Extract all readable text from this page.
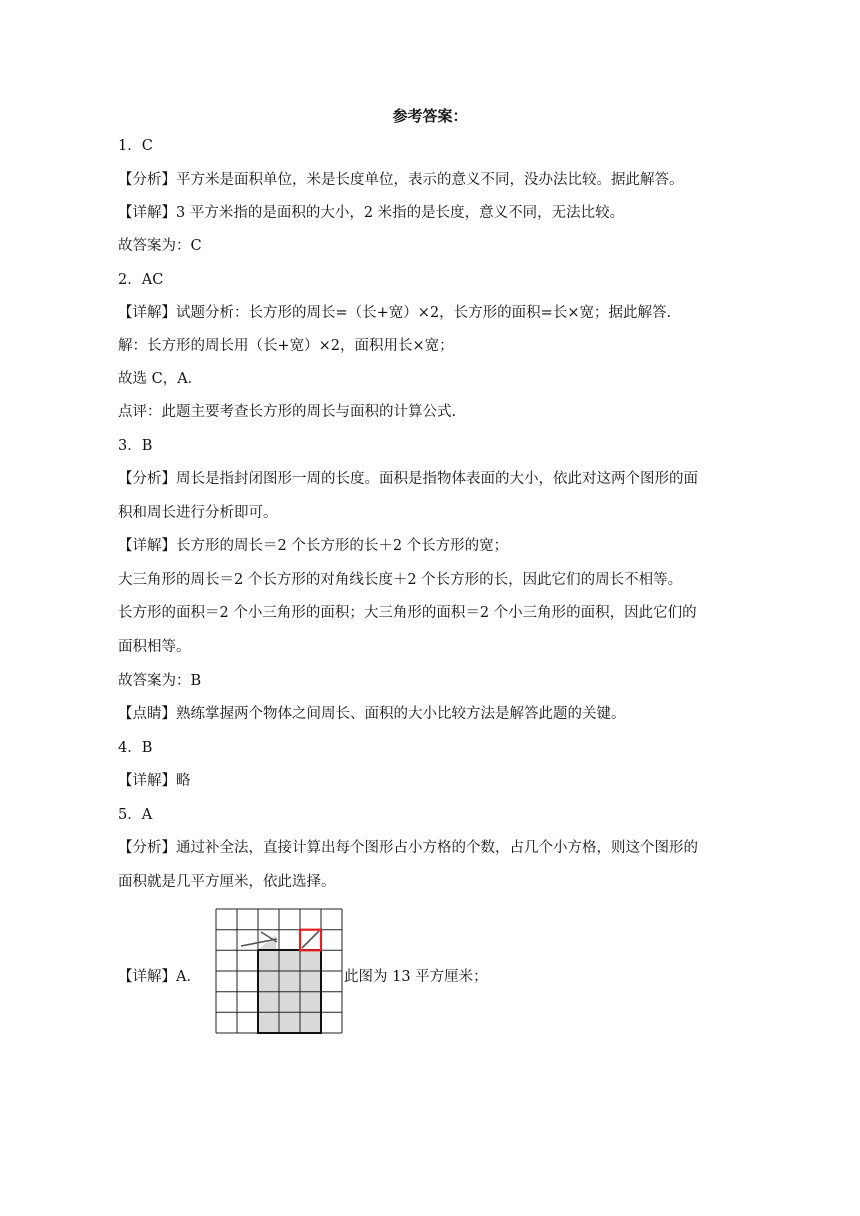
参考答案：
1．C
【分析】平方米是面积单位，米是长度单位，表示的意义不同，没办法比较。据此解答。
【详解】3 平方米指的是面积的大小，2 米指的是长度，意义不同，无法比较。
故答案为：C
2．AC
【详解】试题分析：长方形的周长=（长+宽）×2，长方形的面积=长×宽；据此解答.
解：长方形的周长用（长+宽）×2，面积用长×宽；
故选 C，A．
点评：此题主要考查长方形的周长与面积的计算公式.
3．B
【分析】周长是指封闭图形一周的长度。面积是指物体表面的大小，依此对这两个图形的面
积和周长进行分析即可。
【详解】长方形的周长＝2 个长方形的长＋2 个长方形的宽；
大三角形的周长＝2 个长方形的对角线长度＋2 个长方形的长，因此它们的周长不相等。
长方形的面积＝2 个小三角形的面积；大三角形的面积＝2 个小三角形的面积，因此它们的
面积相等。
故答案为：B
【点睛】熟练掌握两个物体之间周长、面积的大小比较方法是解答此题的关键。
4．B
【详解】略
5．A
【分析】通过补全法，直接计算出每个图形占小方格的个数，占几个小方格，则这个图形的
面积就是几平方厘米，依此选择。
【详解】A．	此图为 13 平方厘米；
